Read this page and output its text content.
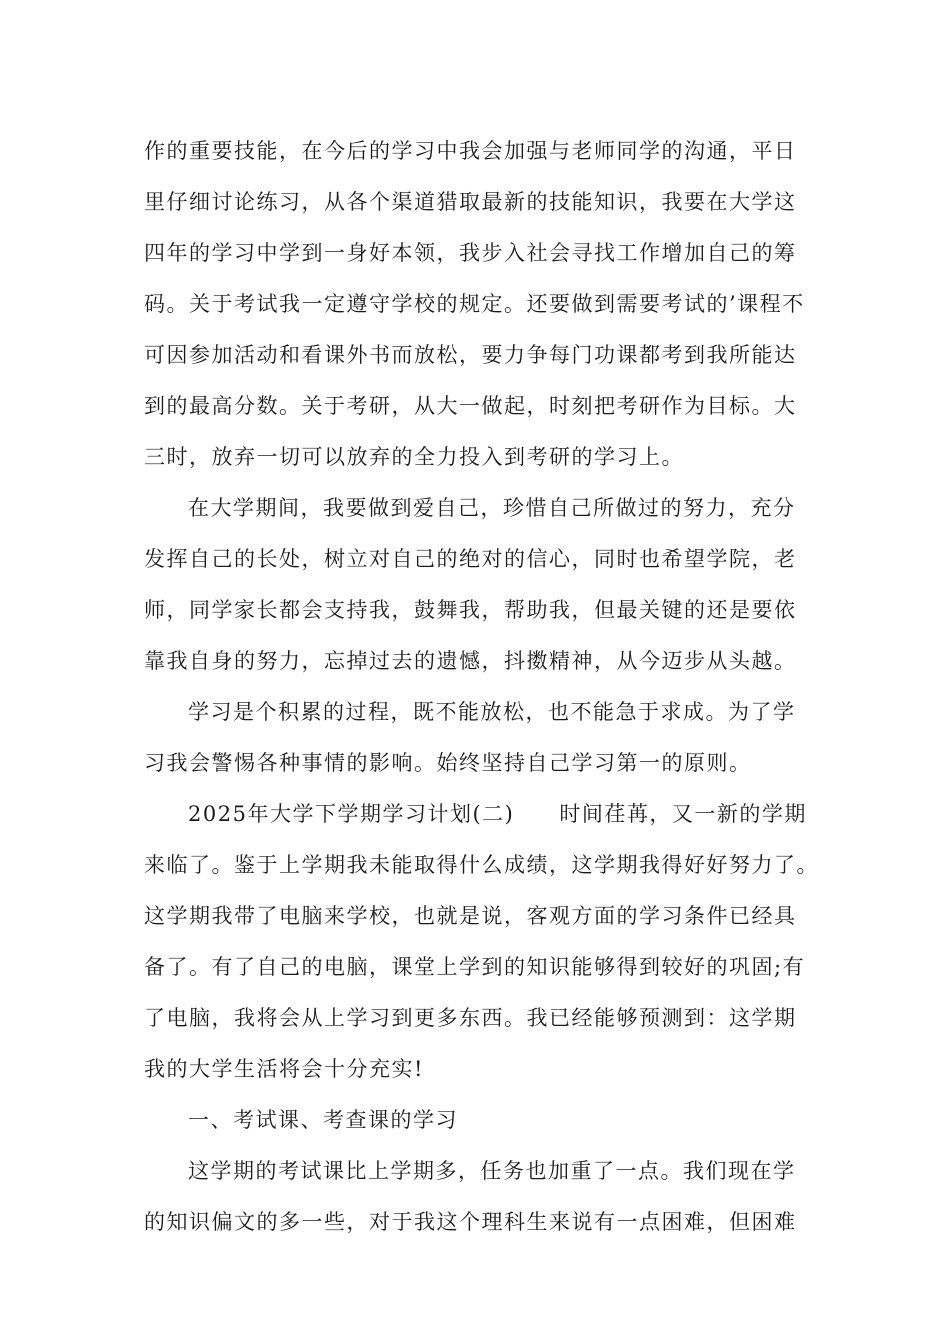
作的重要技能，在今后的学习中我会加强与老师同学的沟通，平日
里仔细讨论练习，从各个渠道猎取最新的技能知识，我要在大学这
四年的学习中学到一身好本领，我步入社会寻找工作增加自己的筹
码。关于考试我一定遵守学校的规定。还要做到需要考试的’课程不
可因参加活动和看课外书而放松，要力争每门功课都考到我所能达
到的最高分数。关于考研，从大一做起，时刻把考研作为目标。大
三时，放弃一切可以放弃的全力投入到考研的学习上。
在大学期间，我要做到爱自己，珍惜自己所做过的努力，充分
发挥自己的长处，树立对自己的绝对的信心，同时也希望学院，老
师，同学家长都会支持我，鼓舞我，帮助我，但最关键的还是要依
靠我自身的努力，忘掉过去的遗憾，抖擞精神，从今迈步从头越。
学习是个积累的过程，既不能放松，也不能急于求成。为了学
习我会警惕各种事情的影响。始终坚持自己学习第一的原则。
2025年大学下学期学习计划(二)　　时间荏苒，又一新的学期
来临了。鉴于上学期我未能取得什么成绩，这学期我得好好努力了。
这学期我带了电脑来学校，也就是说，客观方面的学习条件已经具
备了。有了自己的电脑，课堂上学到的知识能够得到较好的巩固;有
了电脑，我将会从上学习到更多东西。我已经能够预测到：这学期
我的大学生活将会十分充实!
一、考试课、考查课的学习
这学期的考试课比上学期多，任务也加重了一点。我们现在学
的知识偏文的多一些，对于我这个理科生来说有一点困难，但困难
